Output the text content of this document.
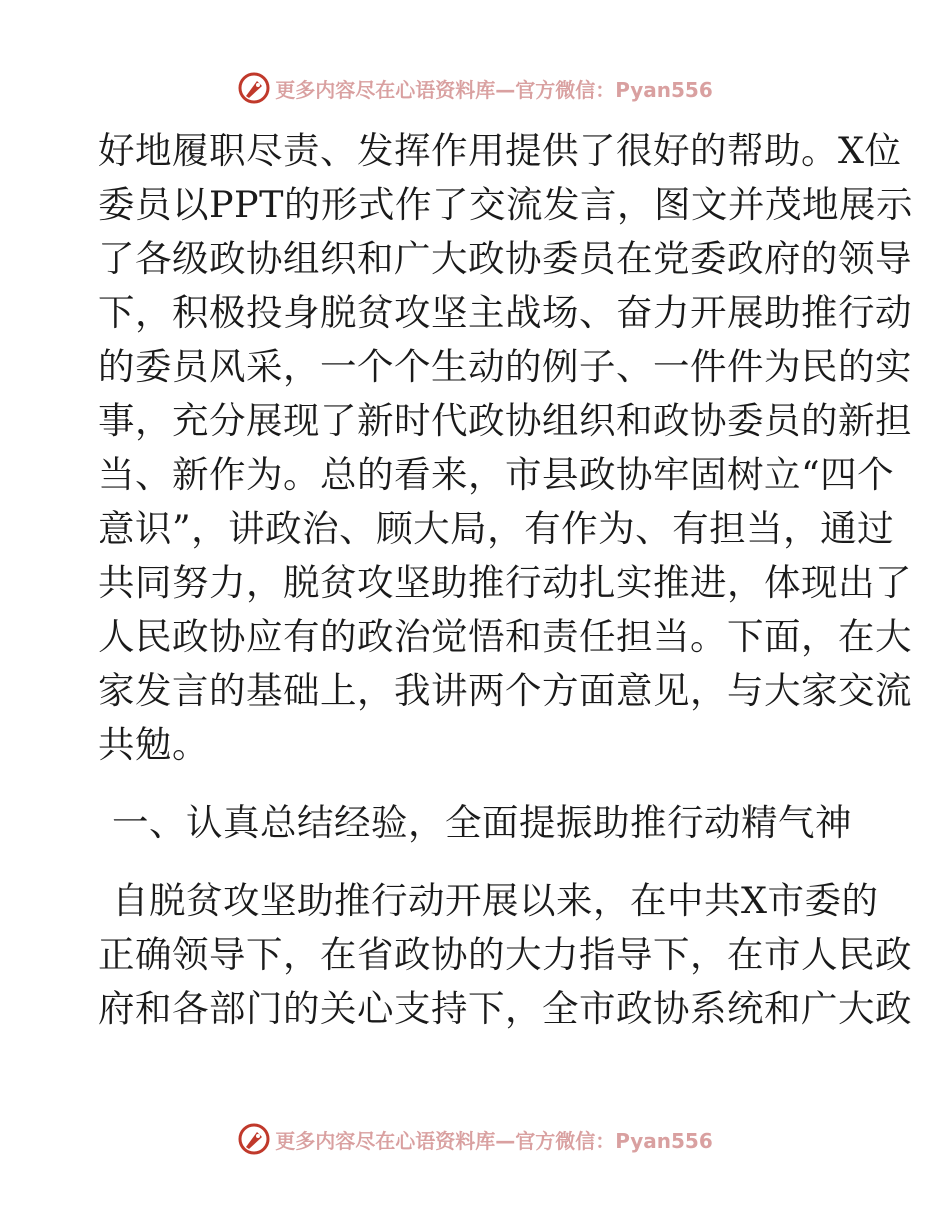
更多内容尽在心语资料库—官方微信：Pyan556
好地履职尽责、发挥作用提供了很好的帮助。X位
委员以PPT的形式作了交流发言，图文并茂地展示
了各级政协组织和广大政协委员在党委政府的领导
下，积极投身脱贫攻坚主战场、奋力开展助推行动
的委员风采，一个个生动的例子、一件件为民的实
事，充分展现了新时代政协组织和政协委员的新担
当、新作为。总的看来，市县政协牢固树立“四个
意识”，讲政治、顾大局，有作为、有担当，通过
共同努力，脱贫攻坚助推行动扎实推进，体现出了
人民政协应有的政治觉悟和责任担当。下面，在大
家发言的基础上，我讲两个方面意见，与大家交流
共勉。
一、认真总结经验，全面提振助推行动精气神
自脱贫攻坚助推行动开展以来，在中共X市委的
正确领导下，在省政协的大力指导下，在市人民政
府和各部门的关心支持下，全市政协系统和广大政
更多内容尽在心语资料库—官方微信：Pyan556
